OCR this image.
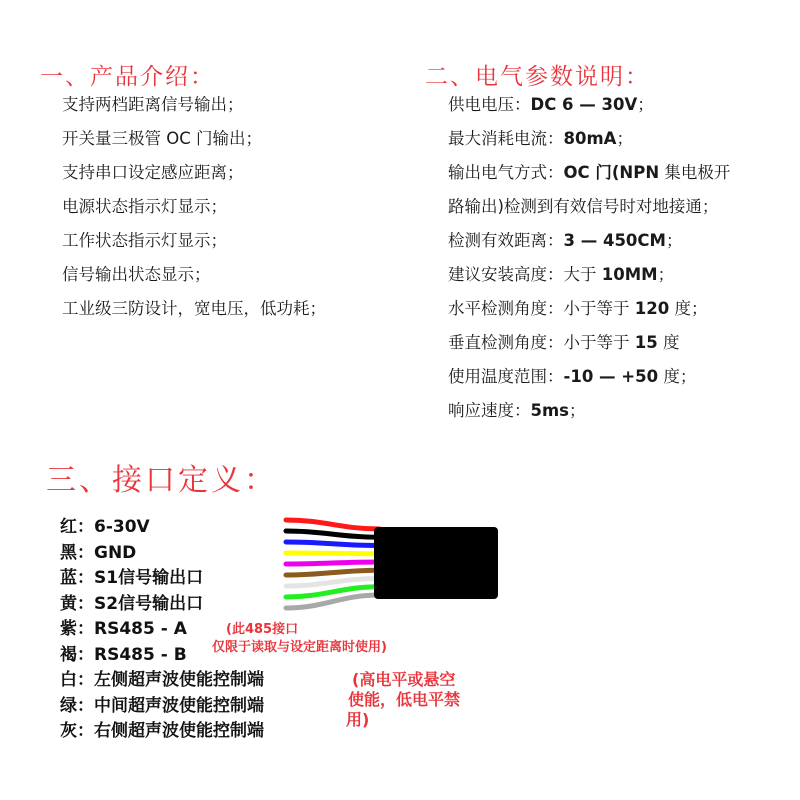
一、产品介绍：
支持两档距离信号输出；
开关量三极管 OC 门输出；
支持串口设定感应距离；
电源状态指示灯显示；
工作状态指示灯显示；
信号输出状态显示；
工业级三防设计，宽电压，低功耗；
二、电气参数说明：
供电电压：DC 6 — 30V；
最大消耗电流：80mA；
输出电气方式：OC 门(NPN 集电极开
路输出)检测到有效信号时对地接通；
检测有效距离：3 — 450CM；
建议安装高度：大于 10MM；
水平检测角度：小于等于 120 度；
垂直检测角度：小于等于 15 度
使用温度范围：-10 — +50 度；
响应速度：5ms；
三、接口定义：
红：6-30V
黑：GND
蓝：S1信号输出口
黄：S2信号输出口
紫：RS485 - A
褐：RS485 - B
白：左侧超声波使能控制端
绿：中间超声波使能控制端
灰：右侧超声波使能控制端
(此485接口
仅限于读取与设定距离时使用)
(高电平或悬空
使能，低电平禁
用)
